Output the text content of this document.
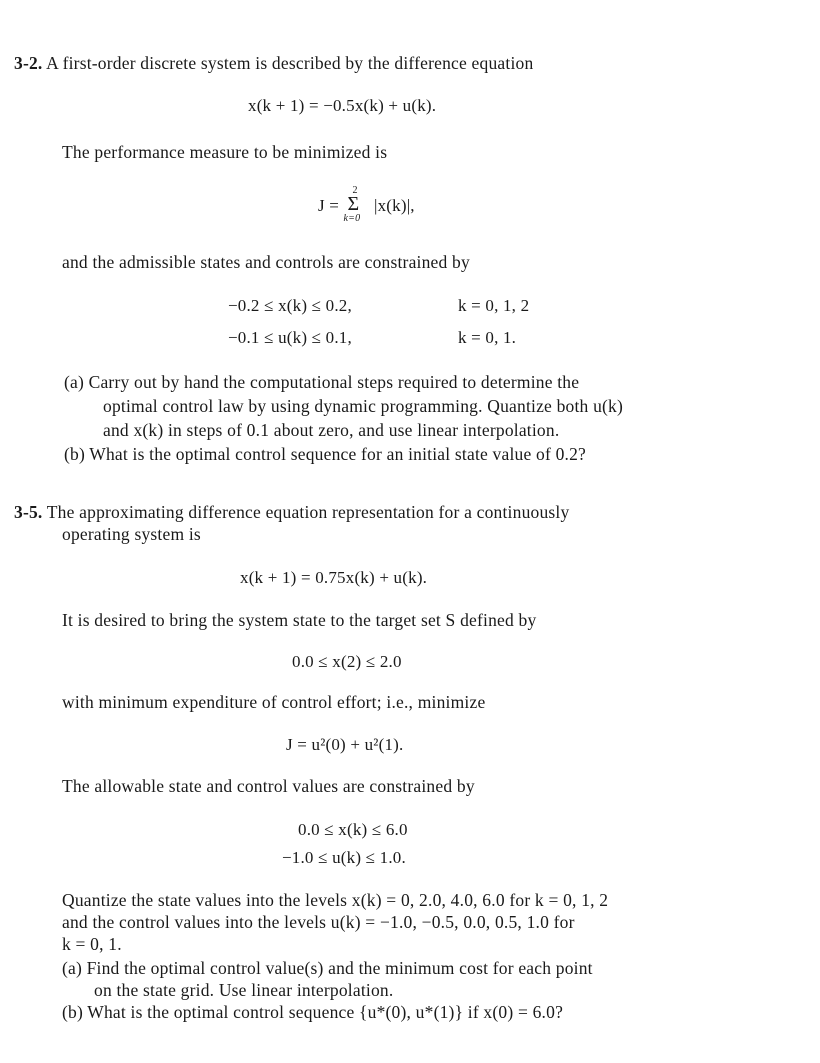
3-2. A first-order discrete system is described by the difference equation
x(k + 1) = −0.5x(k) + u(k).
The performance measure to be minimized is
J =
2
Σ
k=0
|x(k)|,
and the admissible states and controls are constrained by
−0.2 ≤ x(k) ≤ 0.2,	k = 0, 1, 2
−0.1 ≤ u(k) ≤ 0.1,	k = 0, 1.
(a) Carry out by hand the computational steps required to determine the
optimal control law by using dynamic programming. Quantize both u(k)
and x(k) in steps of 0.1 about zero, and use linear interpolation.
(b) What is the optimal control sequence for an initial state value of 0.2?
3-5. The approximating difference equation representation for a continuously
operating system is
x(k + 1) = 0.75x(k) + u(k).
It is desired to bring the system state to the target set S defined by
0.0 ≤ x(2) ≤ 2.0
with minimum expenditure of control effort; i.e., minimize
J = u²(0) + u²(1).
The allowable state and control values are constrained by
0.0 ≤ x(k) ≤ 6.0
−1.0 ≤ u(k) ≤ 1.0.
Quantize the state values into the levels x(k) = 0, 2.0, 4.0, 6.0 for k = 0, 1, 2
and the control values into the levels u(k) = −1.0, −0.5, 0.0, 0.5, 1.0 for
k = 0, 1.
(a) Find the optimal control value(s) and the minimum cost for each point
on the state grid. Use linear interpolation.
(b) What is the optimal control sequence {u*(0), u*(1)} if x(0) = 6.0?
